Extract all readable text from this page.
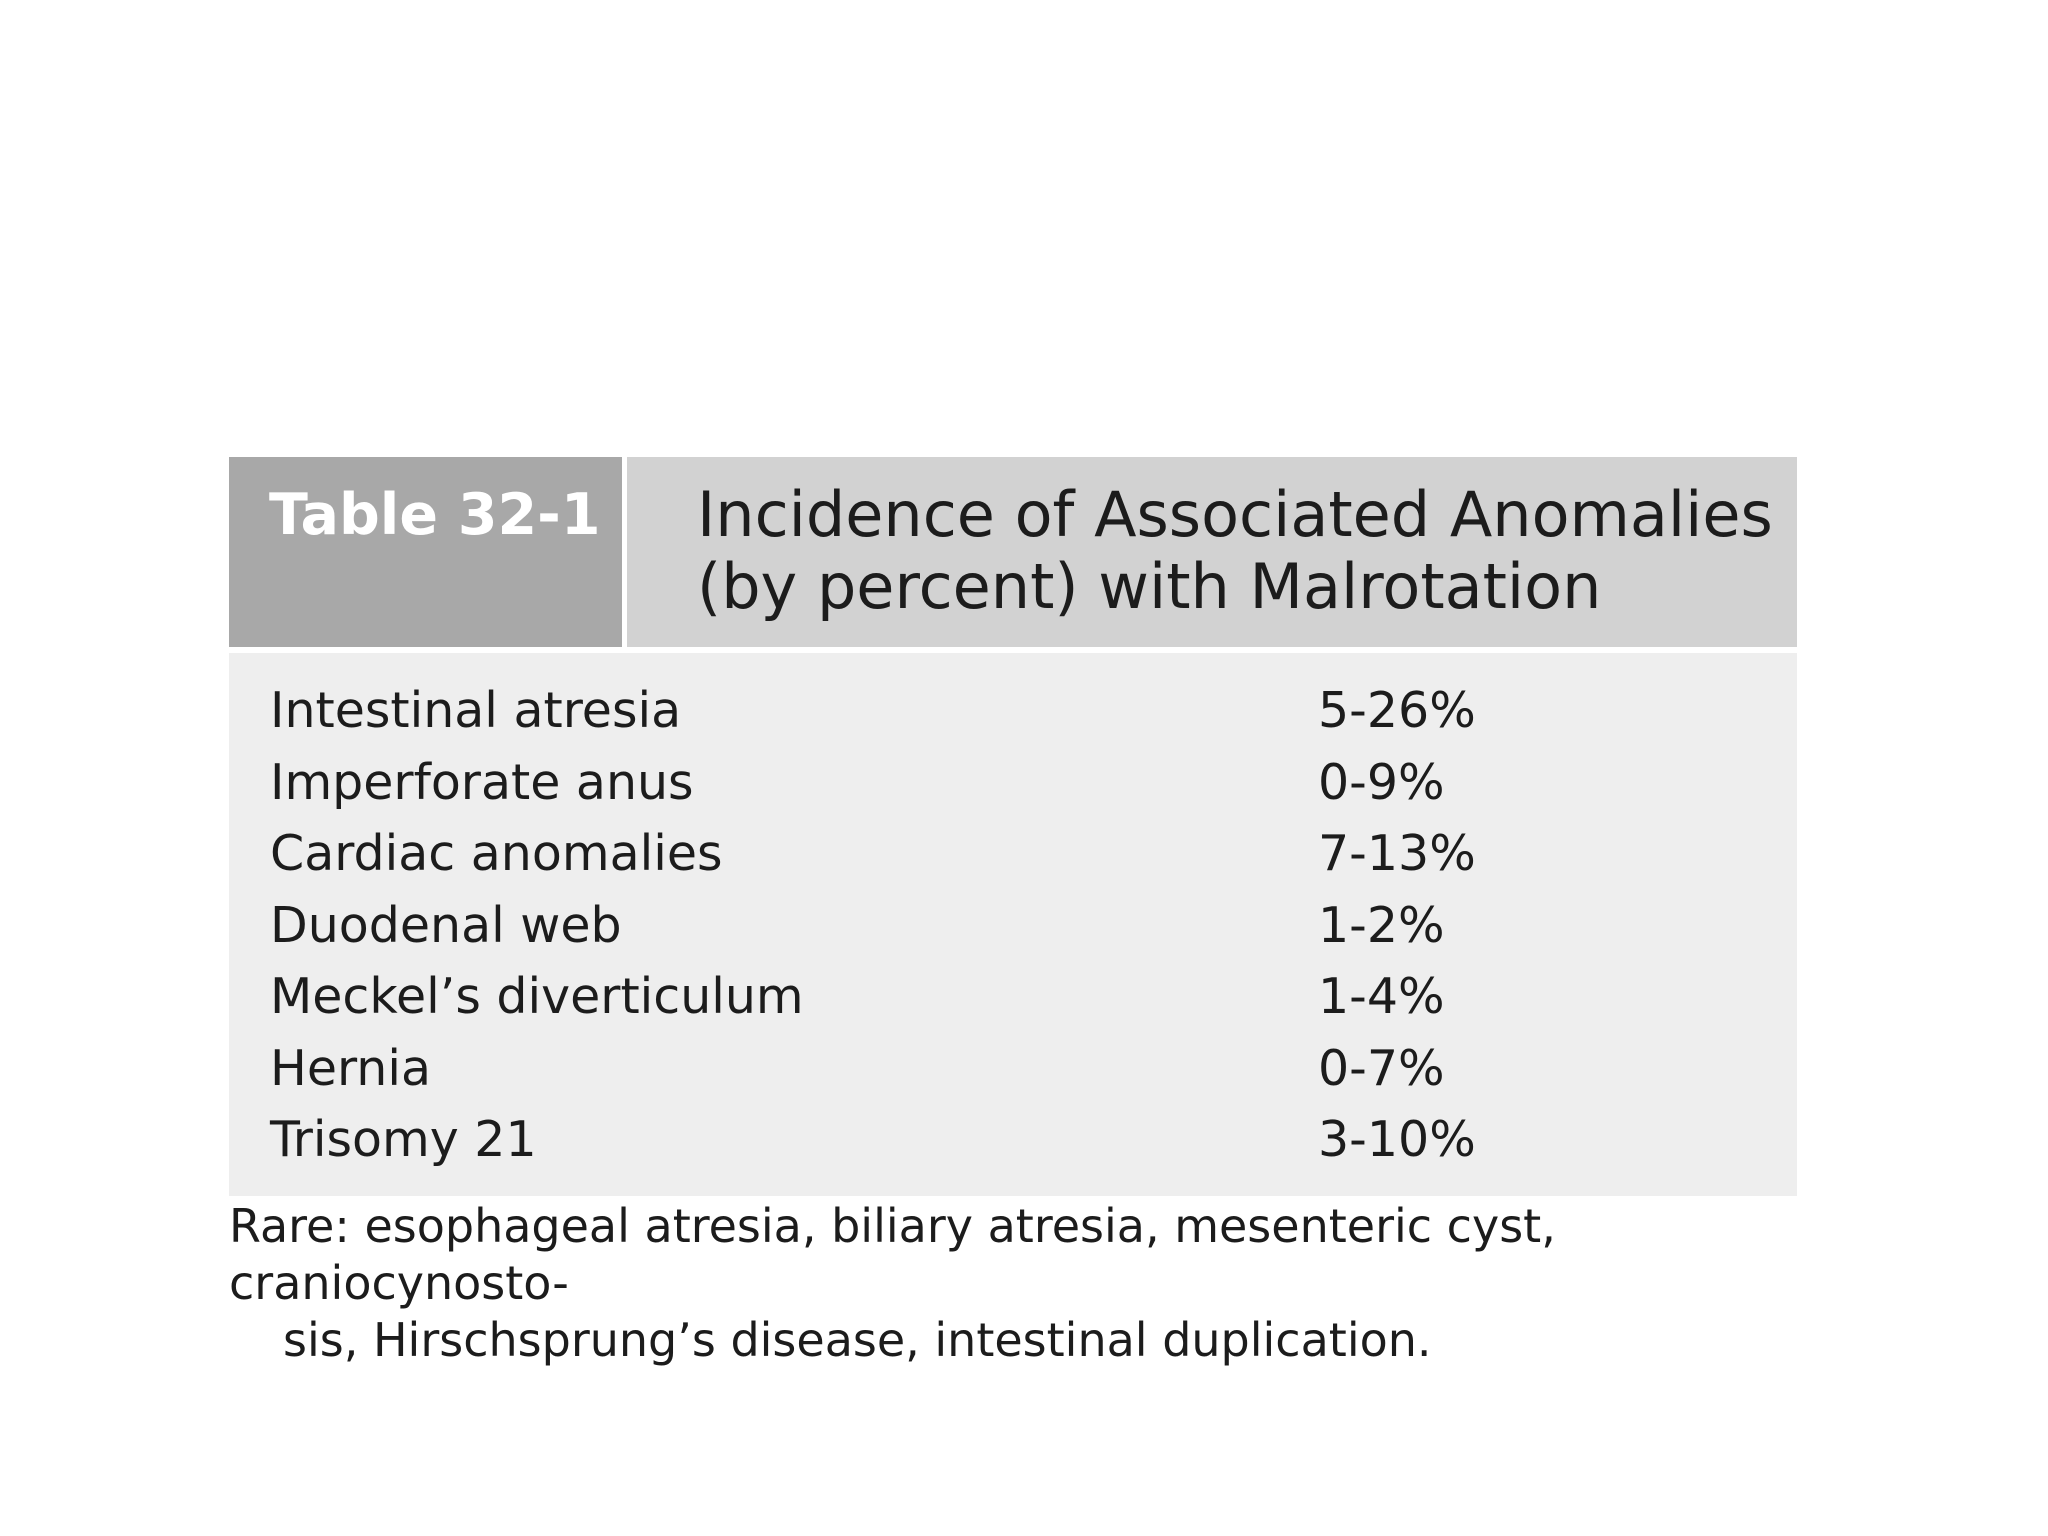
Table 32-1	Incidence of Associated Anomalies
(by percent) with Malrotation
Intestinal atresia	5-26%
Imperforate anus	0-9%
Cardiac anomalies	7-13%
Duodenal web	1-2%
Meckel’s diverticulum	1-4%
Hernia	0-7%
Trisomy 21	3-10%
Rare: esophageal atresia, biliary atresia, mesenteric cyst, craniocynosto-
sis, Hirschsprung’s disease, intestinal duplication.
